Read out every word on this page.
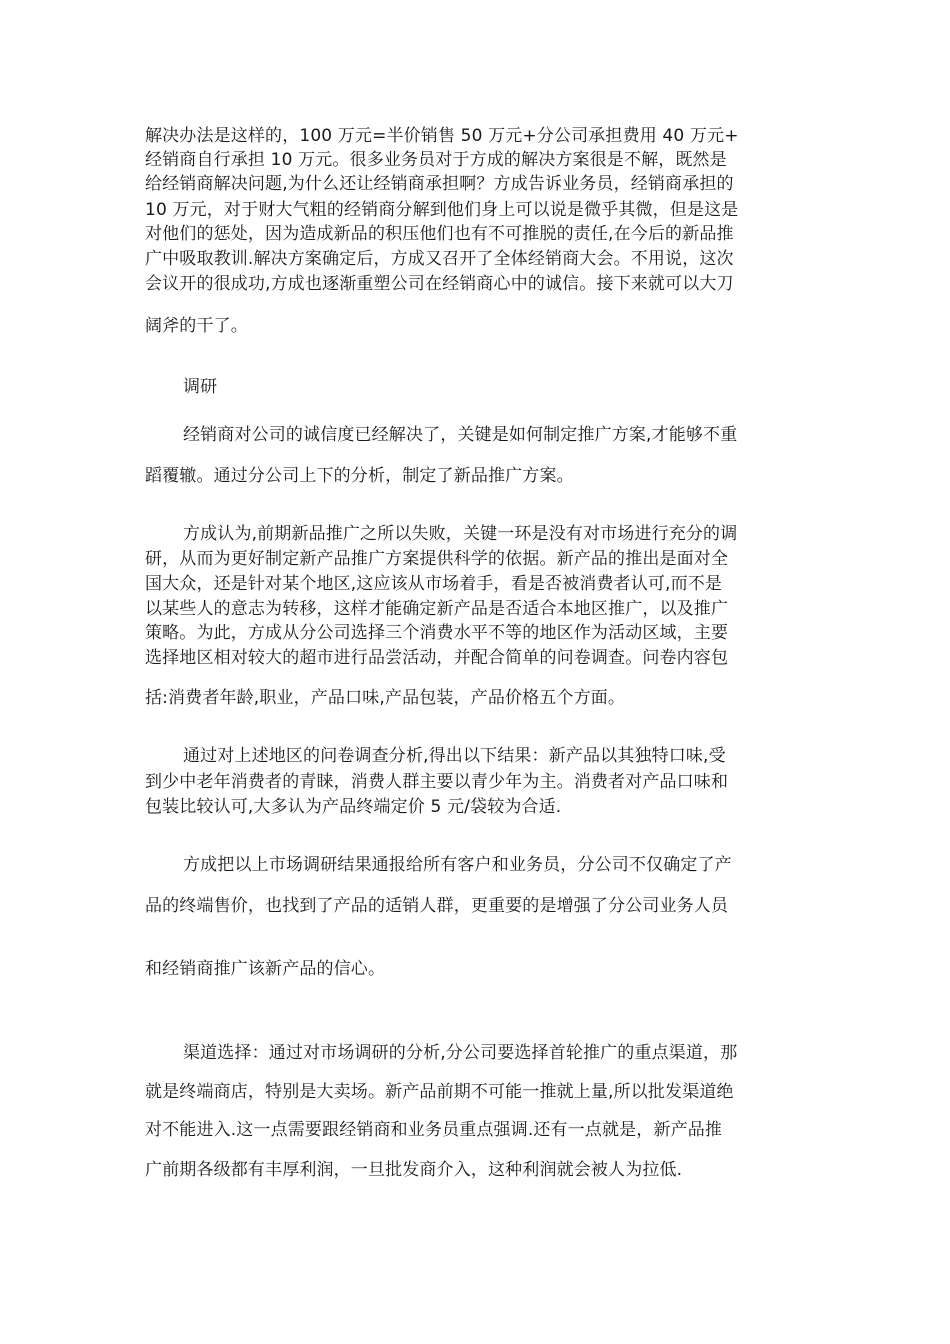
解决办法是这样的，100 万元=半价销售 50 万元+分公司承担费用 40 万元+
经销商自行承担 10 万元。很多业务员对于方成的解决方案很是不解，既然是
给经销商解决问题,为什么还让经销商承担啊？方成告诉业务员，经销商承担的
10 万元，对于财大气粗的经销商分解到他们身上可以说是微乎其微，但是这是
对他们的惩处，因为造成新品的积压他们也有不可推脱的责任,在今后的新品推
广中吸取教训.解决方案确定后，方成又召开了全体经销商大会。不用说，这次
会议开的很成功,方成也逐渐重塑公司在经销商心中的诚信。接下来就可以大刀
阔斧的干了。
调研
经销商对公司的诚信度已经解决了，关键是如何制定推广方案,才能够不重
蹈覆辙。通过分公司上下的分析，制定了新品推广方案。
方成认为,前期新品推广之所以失败，关键一环是没有对市场进行充分的调
研，从而为更好制定新产品推广方案提供科学的依据。新产品的推出是面对全
国大众，还是针对某个地区,这应该从市场着手，看是否被消费者认可,而不是
以某些人的意志为转移，这样才能确定新产品是否适合本地区推广，以及推广
策略。为此，方成从分公司选择三个消费水平不等的地区作为活动区域，主要
选择地区相对较大的超市进行品尝活动，并配合简单的问卷调查。问卷内容包
括:消费者年龄,职业，产品口味,产品包装，产品价格五个方面。
通过对上述地区的问卷调查分析,得出以下结果：新产品以其独特口味,受
到少中老年消费者的青睐，消费人群主要以青少年为主。消费者对产品口味和
包装比较认可,大多认为产品终端定价 5 元/袋较为合适.
方成把以上市场调研结果通报给所有客户和业务员，分公司不仅确定了产
品的终端售价，也找到了产品的适销人群，更重要的是增强了分公司业务人员
和经销商推广该新产品的信心。
渠道选择：通过对市场调研的分析,分公司要选择首轮推广的重点渠道，那
就是终端商店，特别是大卖场。新产品前期不可能一推就上量,所以批发渠道绝
对不能进入.这一点需要跟经销商和业务员重点强调.还有一点就是，新产品推
广前期各级都有丰厚利润，一旦批发商介入，这种利润就会被人为拉低.
